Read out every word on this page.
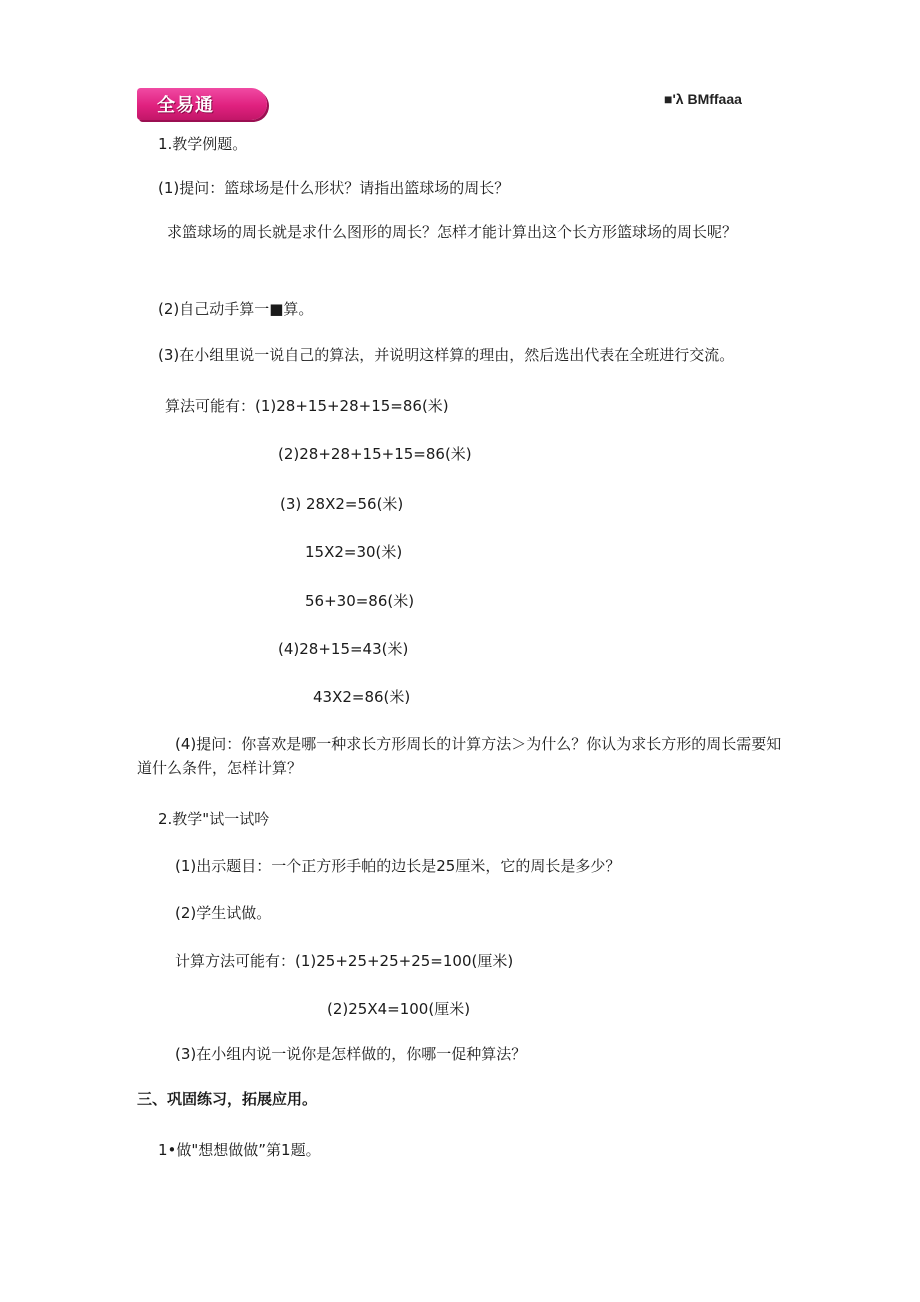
全易通	■'λ BMffaaa
1.教学例题。
(1)提问：篮球场是什么形状？请指出篮球场的周长？
求篮球场的周长就是求什么图形的周长？怎样才能计算出这个长方形篮球场的周长呢？
(2)自己动手算一■算。
(3)在小组里说一说自己的算法，并说明这样算的理由，然后选出代表在全班进行交流。
算法可能有：(1)28+15+28+15=86(米)
(2)28+28+15+15=86(米)
(3) 28X2=56(米)
15X2=30(米)
56+30=86(米)
(4)28+15=43(米)
43X2=86(米)
(4)提问：你喜欢是哪一种求长方形周长的计算方法＞为什么？你认为求长方形的周长需要知道什么条件，怎样计算？
2.教学"试一试吟
(1)出示题目：一个正方形手帕的边长是25厘米，它的周长是多少？
(2)学生试做。
计算方法可能有：(1)25+25+25+25=100(厘米)
(2)25X4=100(厘米)
(3)在小组内说一说你是怎样做的，你哪一促种算法？
三、巩固练习，拓展应用。
1•做"想想做做”第1题。
